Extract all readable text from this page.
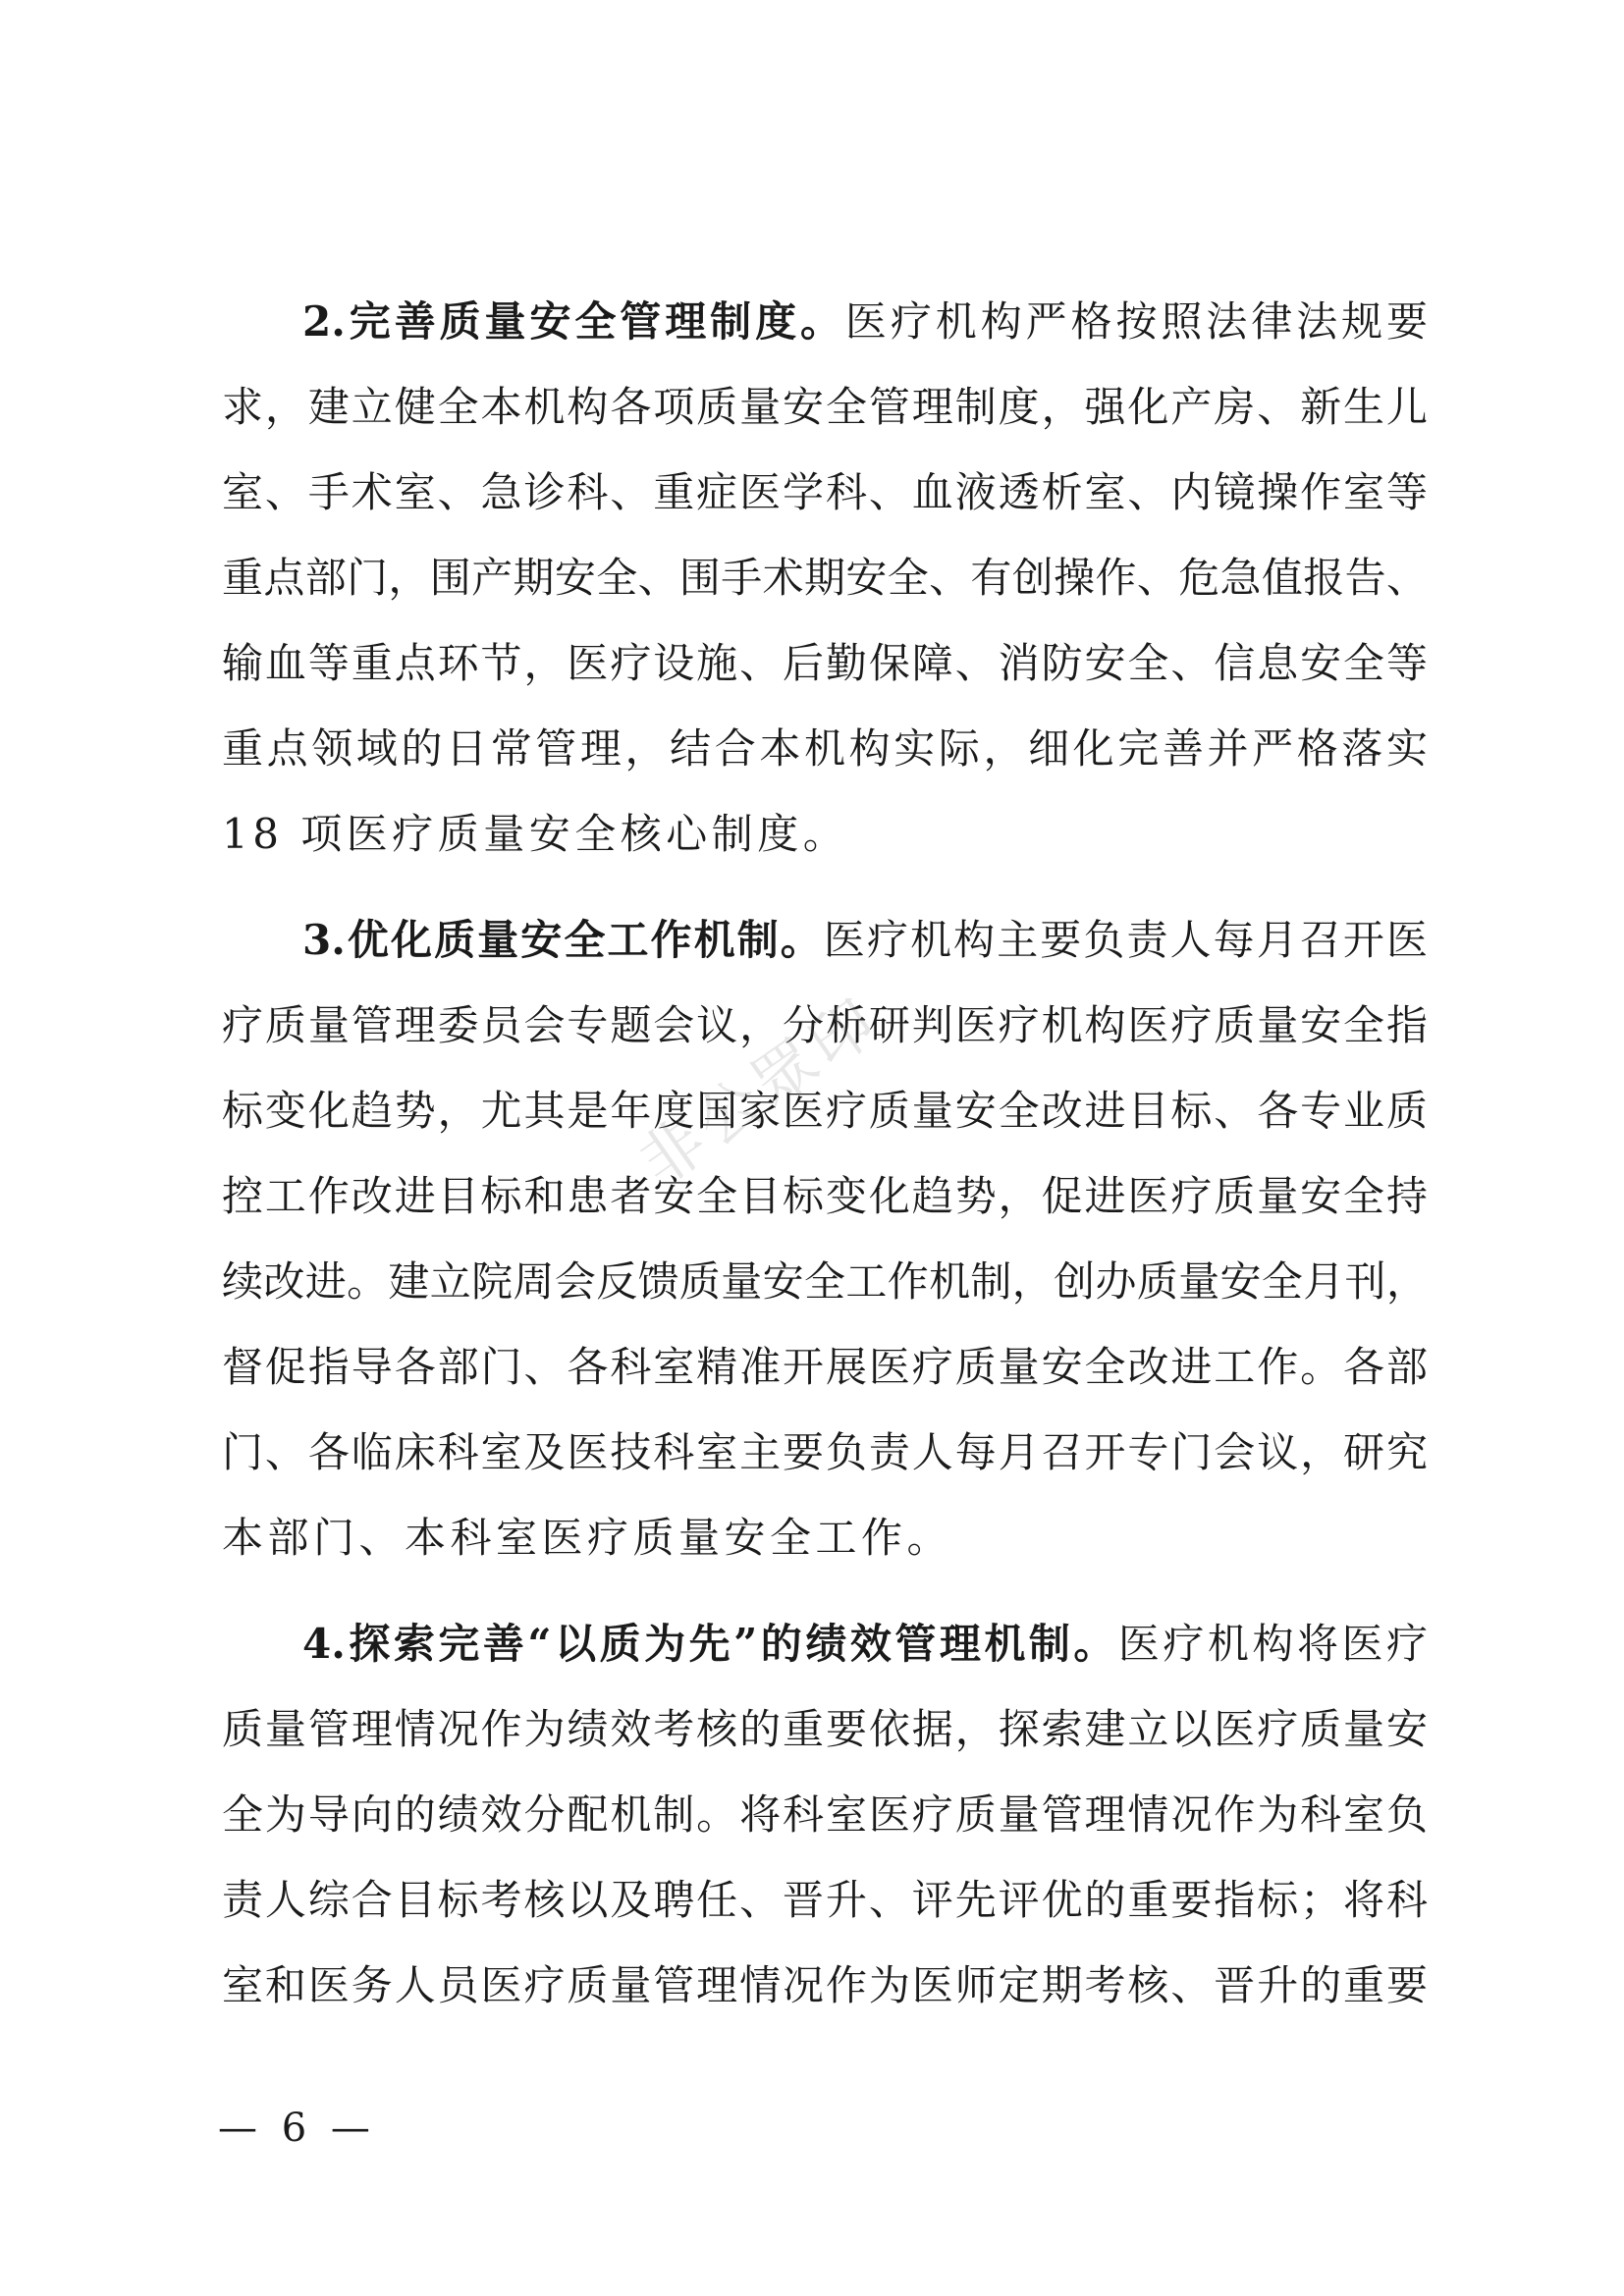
2.完善质量安全管理制度。医疗机构严格按照法律法规要
求，建立健全本机构各项质量安全管理制度，强化产房、新生儿
室、手术室、急诊科、重症医学科、血液透析室、内镜操作室等
重点部门，围产期安全、围手术期安全、有创操作、危急值报告、
输血等重点环节，医疗设施、后勤保障、消防安全、信息安全等
重点领域的日常管理，结合本机构实际，细化完善并严格落实
18 项医疗质量安全核心制度。
3.优化质量安全工作机制。医疗机构主要负责人每月召开医
疗质量管理委员会专题会议，分析研判医疗机构医疗质量安全指
标变化趋势，尤其是年度国家医疗质量安全改进目标、各专业质
控工作改进目标和患者安全目标变化趋势，促进医疗质量安全持
续改进。建立院周会反馈质量安全工作机制，创办质量安全月刊，
督促指导各部门、各科室精准开展医疗质量安全改进工作。各部
门、各临床科室及医技科室主要负责人每月召开专门会议，研究
本部门、本科室医疗质量安全工作。
4.探索完善“以质为先”的绩效管理机制。医疗机构将医疗
质量管理情况作为绩效考核的重要依据，探索建立以医疗质量安
全为导向的绩效分配机制。将科室医疗质量管理情况作为科室负
责人综合目标考核以及聘任、晋升、评先评优的重要指标；将科
室和医务人员医疗质量管理情况作为医师定期考核、晋升的重要
非公眾印
— 6 —
